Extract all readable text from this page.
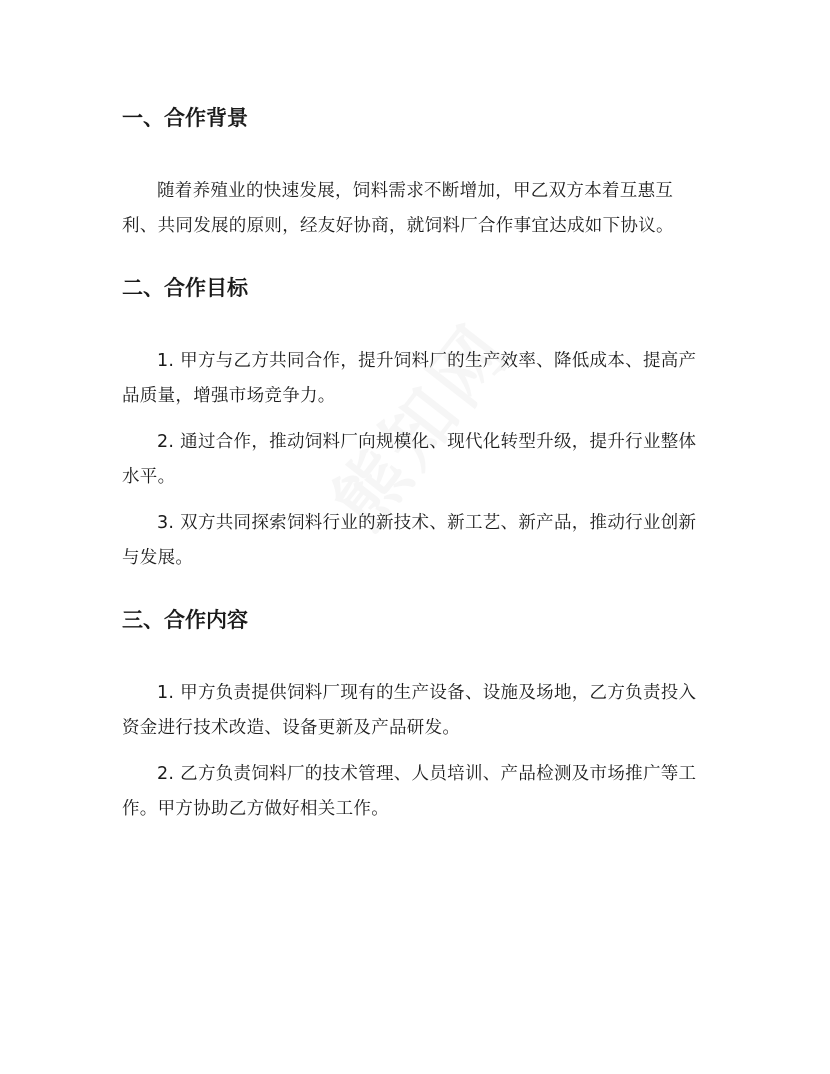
一、合作背景

随着养殖业的快速发展，饲料需求不断增加，甲乙双方本着互惠互利、共同发展的原则，经友好协商，就饲料厂合作事宜达成如下协议。

二、合作目标

1. 甲方与乙方共同合作，提升饲料厂的生产效率、降低成本、提高产品质量，增强市场竞争力。

2. 通过合作，推动饲料厂向规模化、现代化转型升级，提升行业整体水平。

3. 双方共同探索饲料行业的新技术、新工艺、新产品，推动行业创新与发展。

三、合作内容

1. 甲方负责提供饲料厂现有的生产设备、设施及场地，乙方负责投入资金进行技术改造、设备更新及产品研发。

2. 乙方负责饲料厂的技术管理、人员培训、产品检测及市场推广等工作。甲方协助乙方做好相关工作。
